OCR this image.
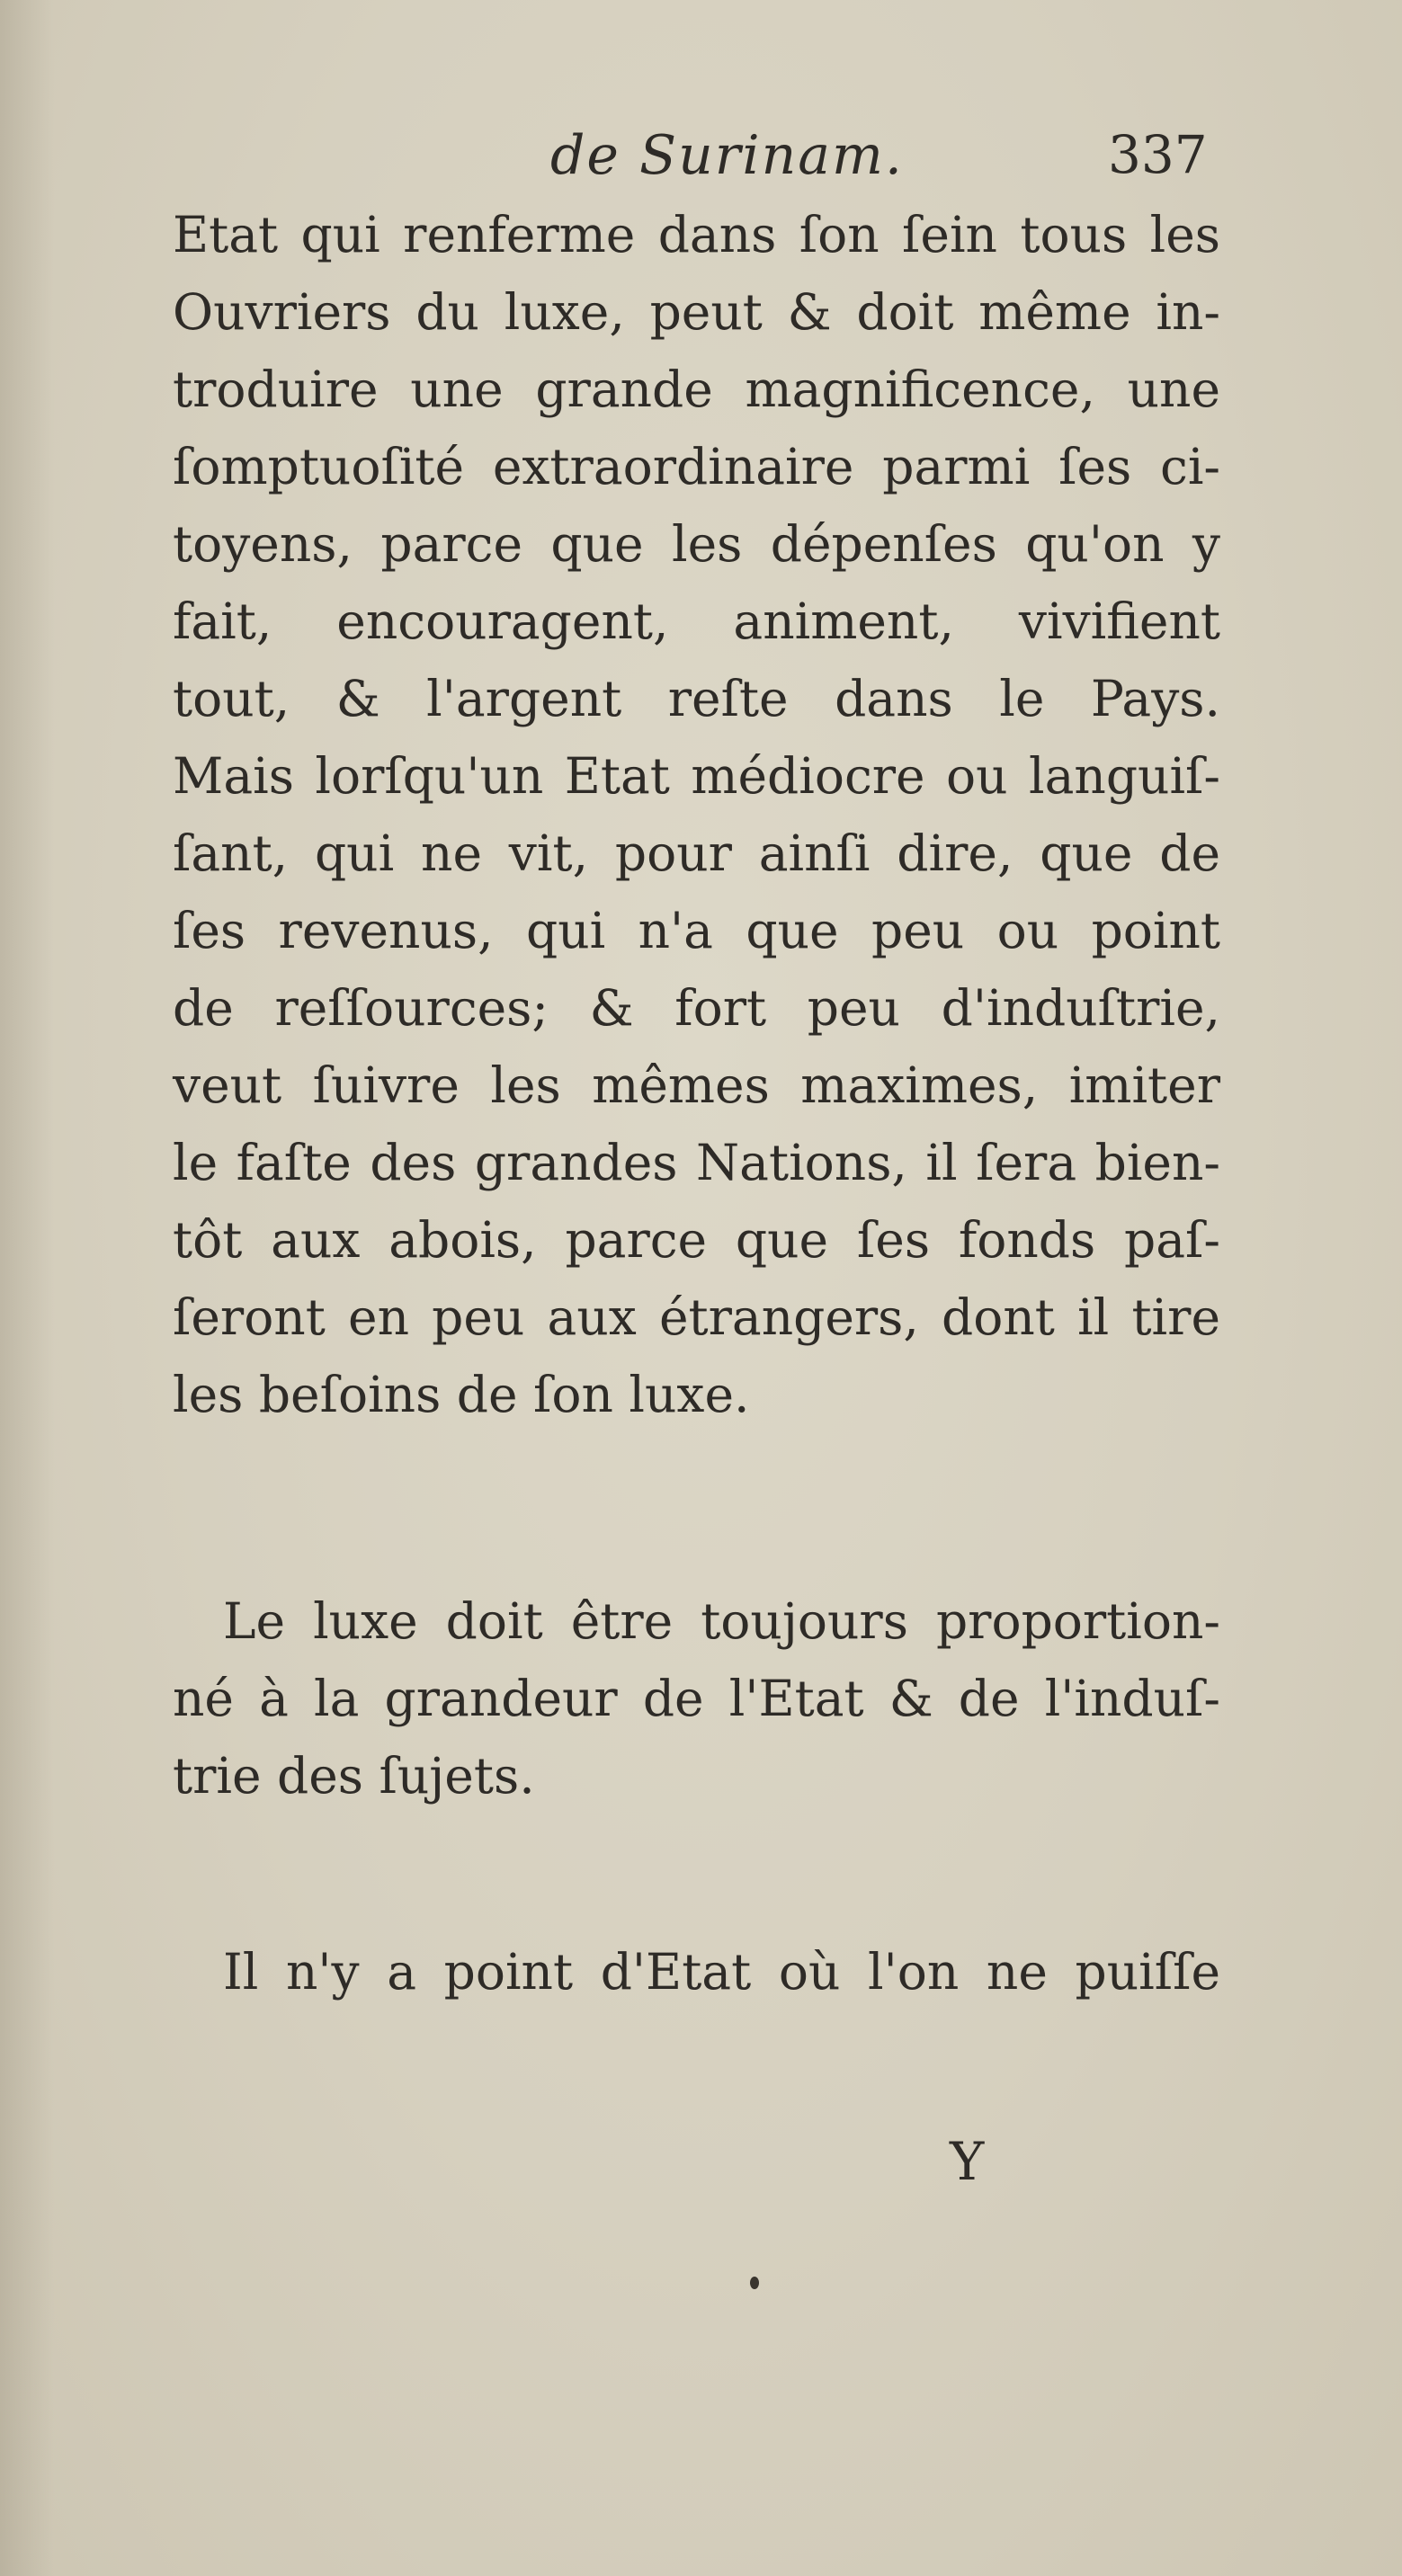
de Surinam.	337
Etat qui renferme dans ſon ſein tous les
Ouvriers du luxe, peut & doit même in-
troduire une grande magnificence, une
ſomptuoſité extraordinaire parmi ſes ci-
toyens, parce que les dépenſes qu'on y
fait, encouragent, animent, vivifient
tout, & l'argent reſte dans le Pays.
Mais lorſqu'un Etat médiocre ou languiſ-
ſant, qui ne vit, pour ainſi dire, que de
ſes revenus, qui n'a que peu ou point
de reſſources; & fort peu d'induſtrie,
veut ſuivre les mêmes maximes, imiter
le faſte des grandes Nations, il ſera bien-
tôt aux abois, parce que ſes fonds paſ-
ſeront en peu aux étrangers, dont il tire
les beſoins de ſon luxe.
Le luxe doit être toujours proportion-
né à la grandeur de l'Etat & de l'induſ-
trie des ſujets.
Il n'y a point d'Etat où l'on ne puiſſe
Y
